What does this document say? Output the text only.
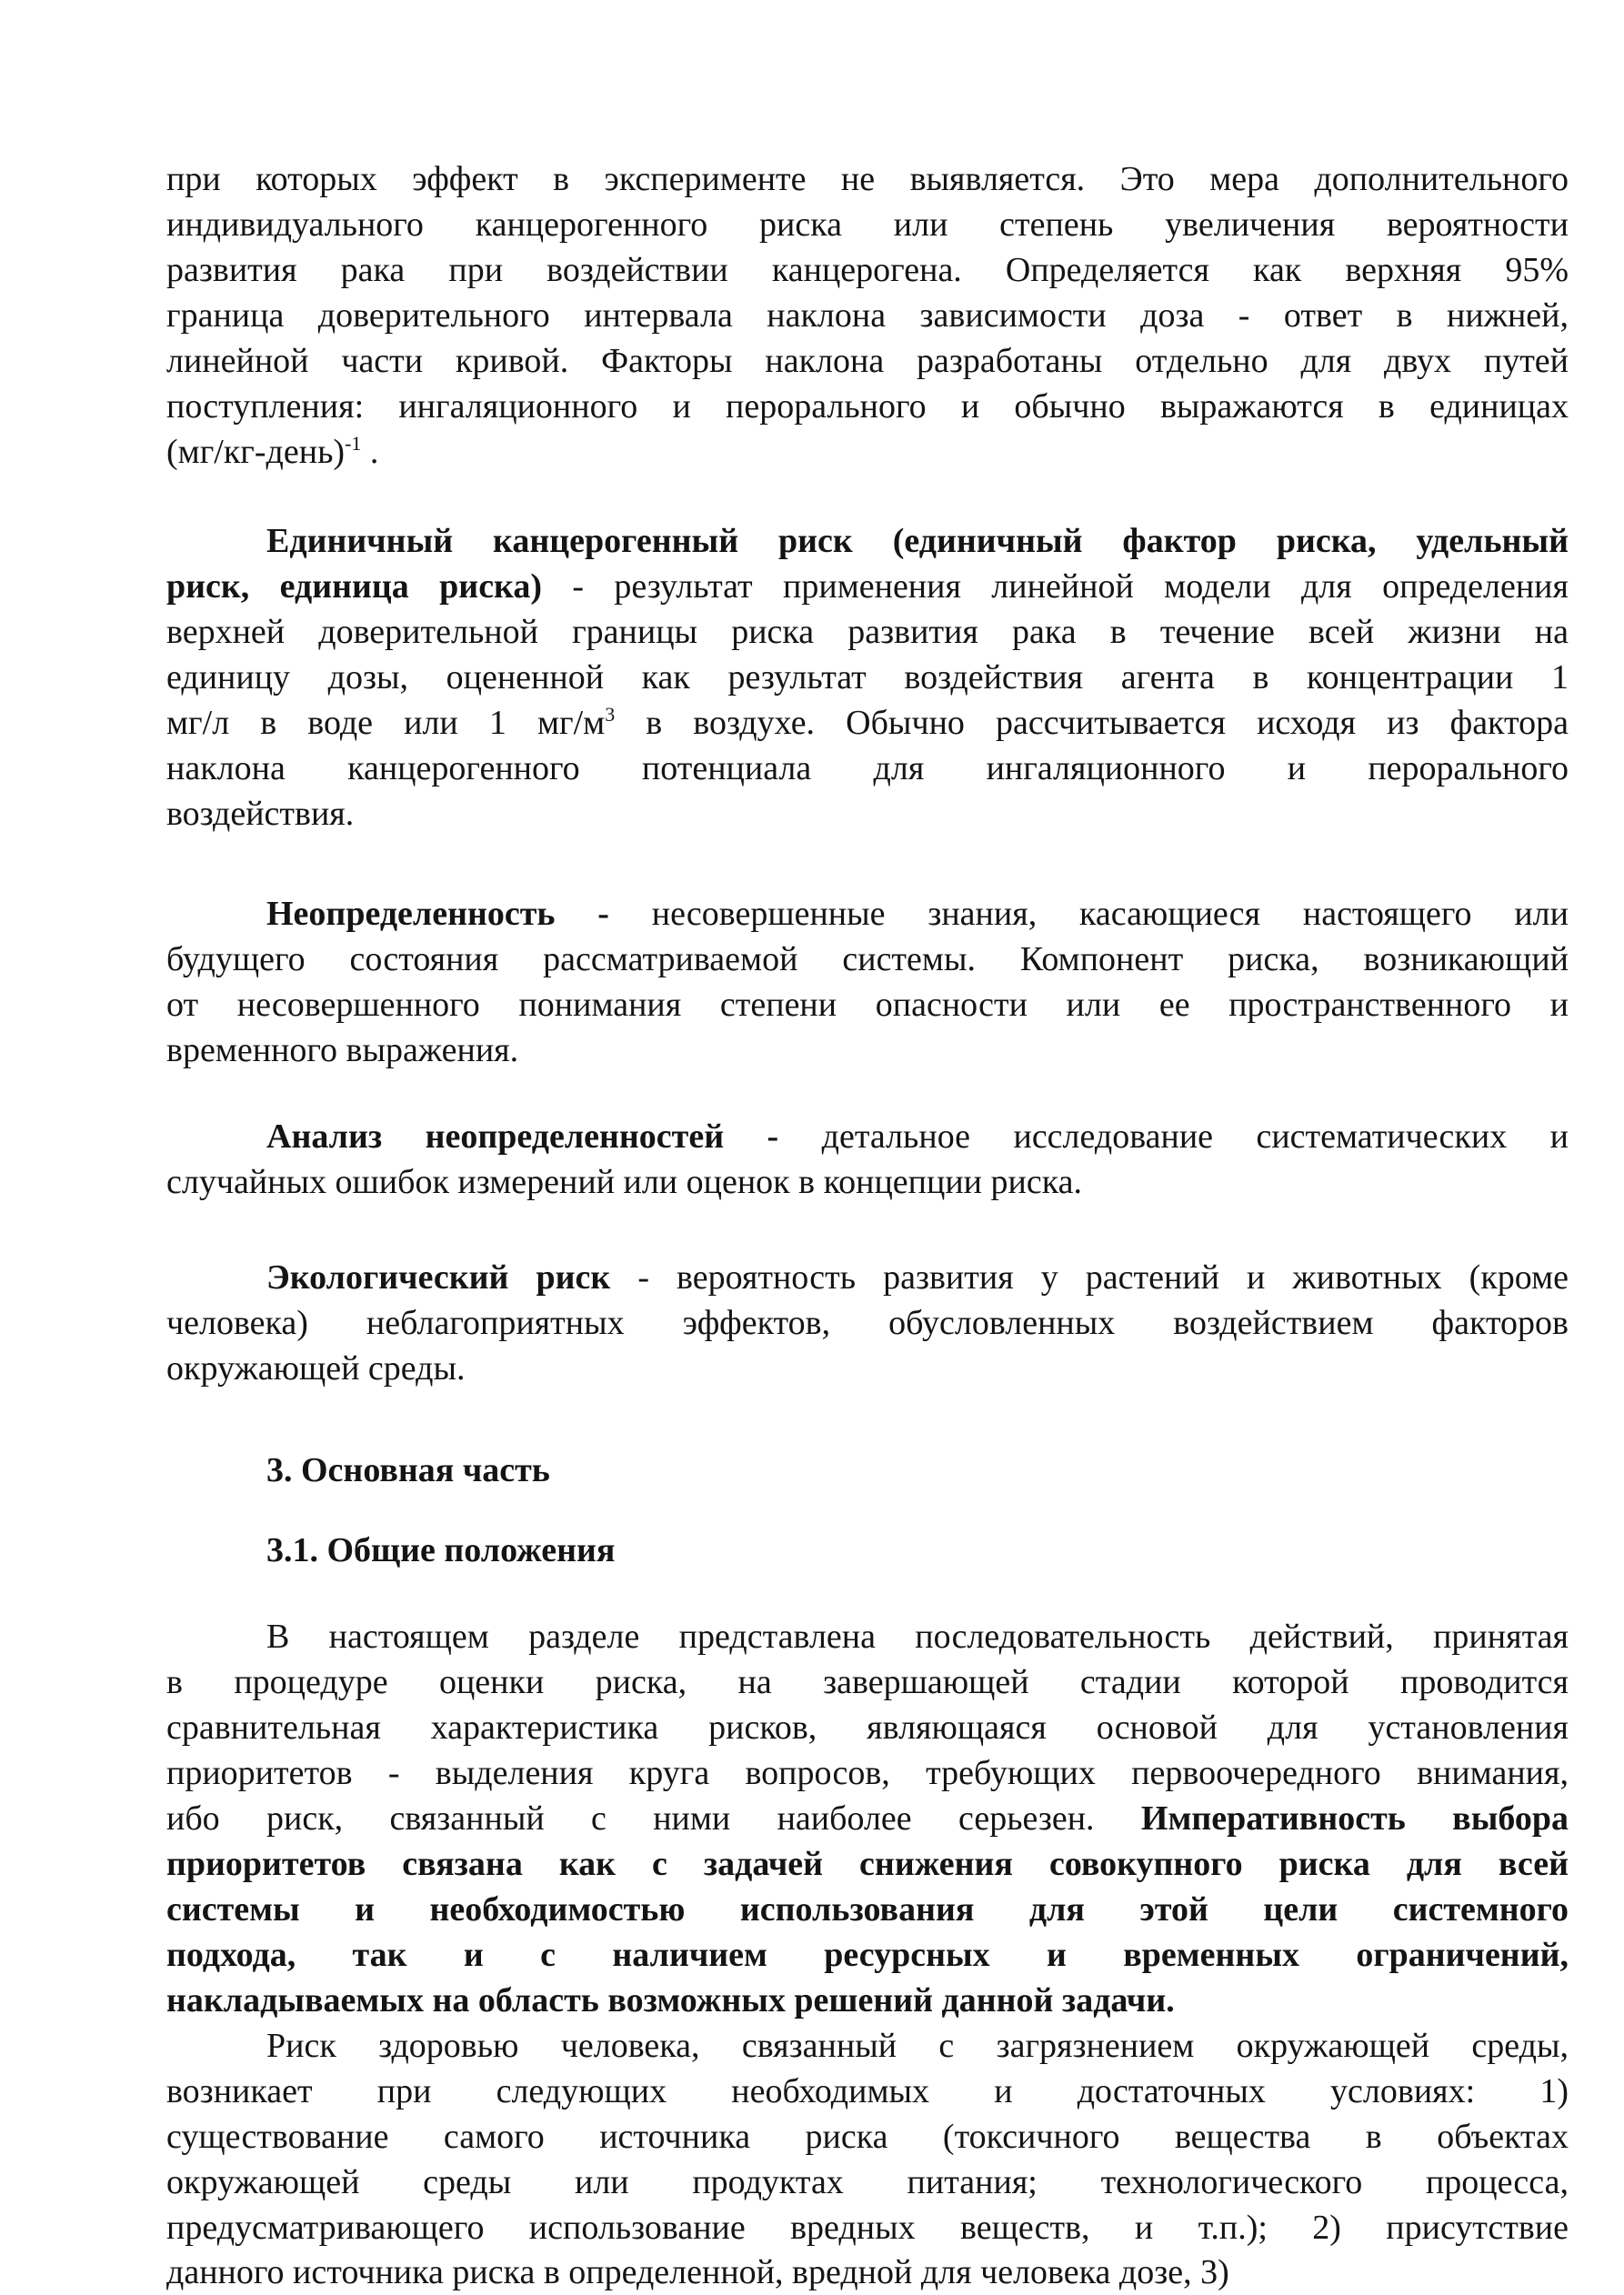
при которых эффект в эксперименте не выявляется. Это мера дополнительного
индивидуального канцерогенного риска или степень увеличения вероятности
развития рака при воздействии канцерогена. Определяется как верхняя 95%
граница доверительного интервала наклона зависимости доза - ответ в нижней,
линейной части кривой. Факторы наклона разработаны отдельно для двух путей
поступления: ингаляционного и перорального и обычно выражаются в единицах
(мг/кг-день)$^{-1}$ .
Единичный канцерогенный риск (единичный фактор риска, удельный
риск, единица риска) - результат применения линейной модели для определения
верхней доверительной границы риска развития рака в течение всей жизни на
единицу дозы, оцененной как результат воздействия агента в концентрации 1
мг/л в воде или 1 $мг/м^3$ в воздухе. Обычно рассчитывается исходя из фактора
наклона канцерогенного потенциала для ингаляционного и перорального
воздействия.
Неопределенность - несовершенные знания, касающиеся настоящего или
будущего состояния рассматриваемой системы. Компонент риска, возникающий
от несовершенного понимания степени опасности или ее пространственного и
временного выражения.
Анализ неопределенностей - детальное исследование систематических и
случайных ошибок измерений или оценок в концепции риска.
Экологический риск - вероятность развития у растений и животных (кроме
человека) неблагоприятных эффектов, обусловленных воздействием факторов
окружающей среды.
3. Основная часть
3.1. Общие положения
В настоящем разделе представлена последовательность действий, принятая
в процедуре оценки риска, на завершающей стадии которой проводится
сравнительная характеристика рисков, являющаяся основой для установления
приоритетов - выделения круга вопросов, требующих первоочередного внимания,
ибо риск, связанный с ними наиболее серьезен. Императивность выбора
приоритетов связана как с задачей снижения совокупного риска для всей
системы и необходимостью использования для этой цели системного
подхода, так и с наличием ресурсных и временных ограничений,
накладываемых на область возможных решений данной задачи.
Риск здоровью человека, связанный с загрязнением окружающей среды,
возникает при следующих необходимых и достаточных условиях: 1)
существование самого источника риска (токсичного вещества в объектах
окружающей среды или продуктах питания; технологического процесса,
предусматривающего использование вредных веществ, и т.п.); 2) присутствие
данного источника риска в определенной, вредной для человека дозе, 3)
